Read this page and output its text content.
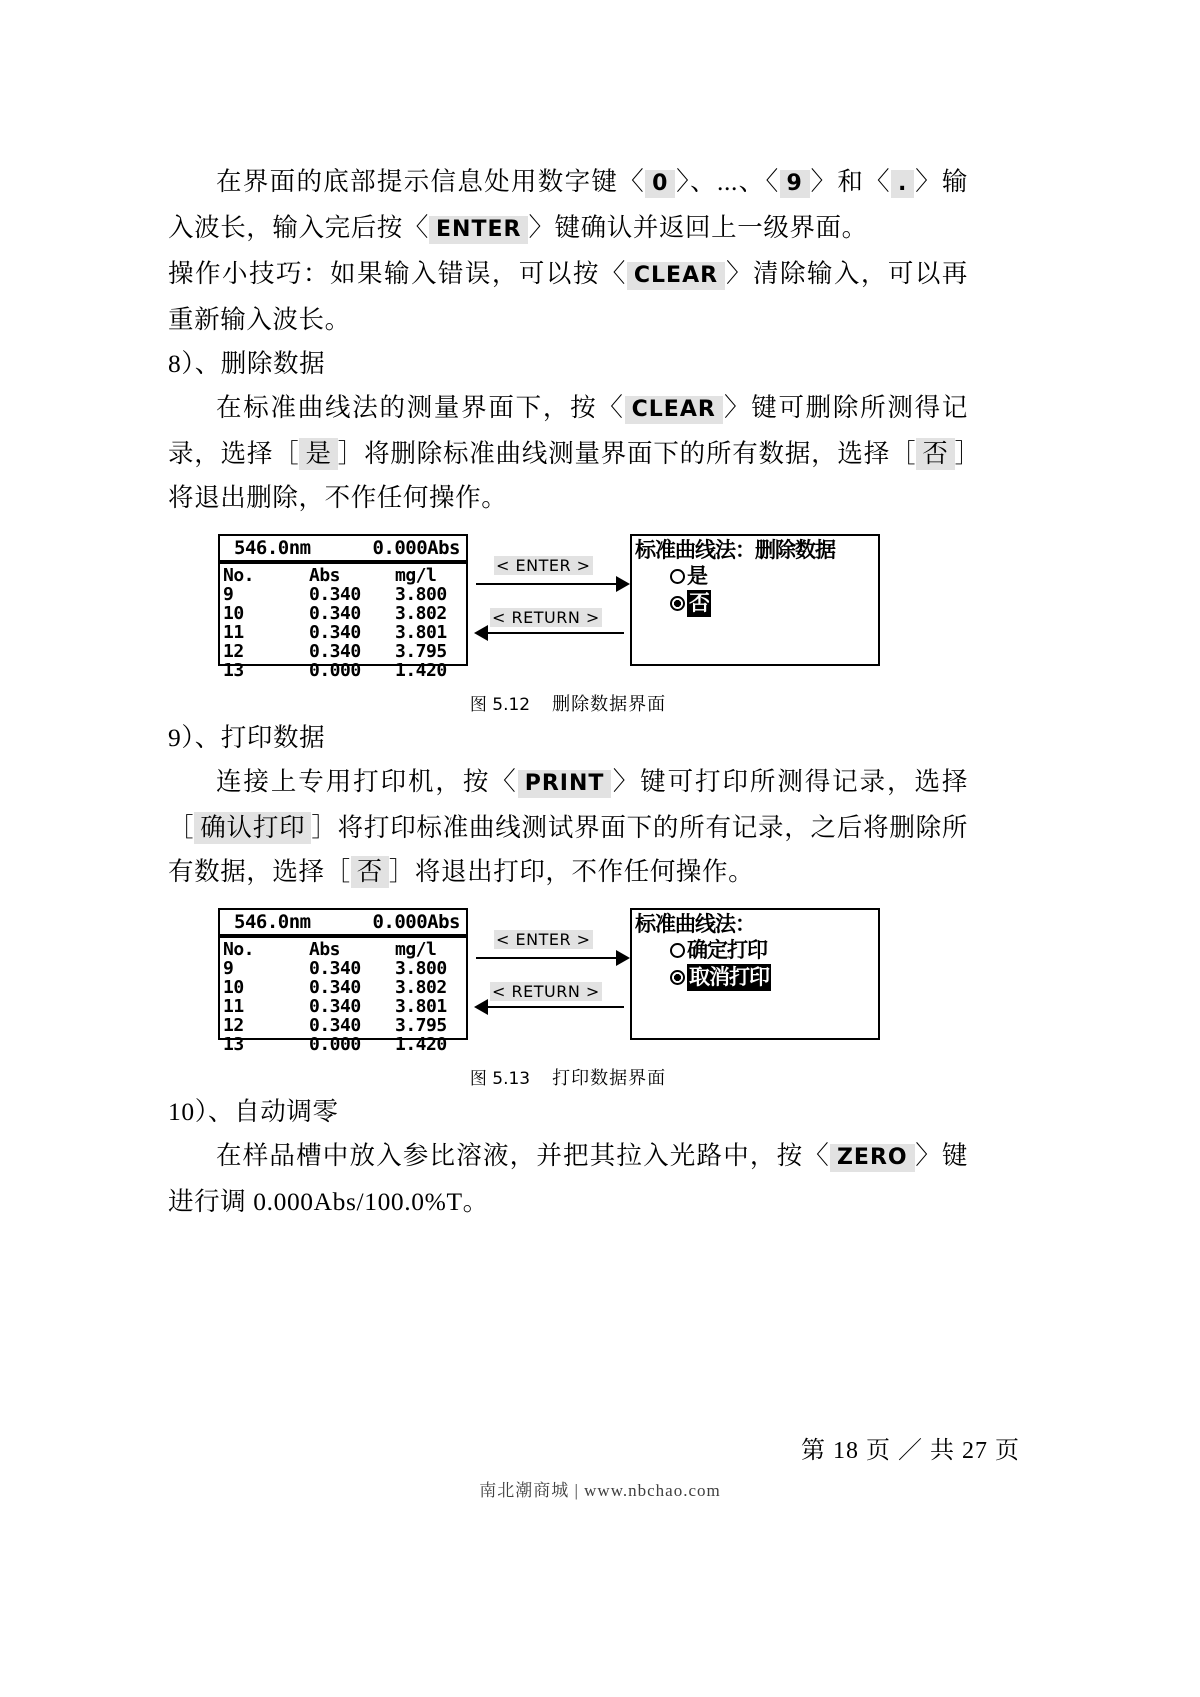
在界面的底部提示信息处用数字键〈 0 〉、...、〈 9 〉和〈 . 〉输入波长，输入完后按〈 ENTER 〉键确认并返回上一级界面。

操作小技巧：如果输入错误，可以按〈 CLEAR 〉清除输入，可以再重新输入波长。

8）、删除数据

在标准曲线法的测量界面下，按〈 CLEAR 〉键可删除所测得记录，选择［ 是 ］将删除标准曲线测量界面下的所有数据，选择［ 否 ］将退出删除，不作任何操作。

546.0nm	0.000Abs
No.	Abs	mg/l
9	0.340	3.800
10	0.340	3.802
11	0.340	3.801
12	0.340	3.795
13	0.000	1.420
< ENTER >
< RETURN >
标准曲线法：删除数据
是
否

图 5.12 删除数据界面

9）、打印数据

连接上专用打印机，按〈 PRINT 〉键可打印所测得记录，选择［ 确认打印 ］将打印标准曲线测试界面下的所有记录，之后将删除所有数据，选择［ 否 ］将退出打印，不作任何操作。

546.0nm	0.000Abs
No.	Abs	mg/l
9	0.340	3.800
10	0.340	3.802
11	0.340	3.801
12	0.340	3.795
13	0.000	1.420
< ENTER >
< RETURN >
标准曲线法：
确定打印
取消打印

图 5.13 打印数据界面

10）、自动调零

在样品槽中放入参比溶液，并把其拉入光路中，按〈 ZERO 〉键进行调 0.000Abs/100.0%T。

第 18 页 ／ 共 27 页
南北潮商城 | www.nbchao.com
